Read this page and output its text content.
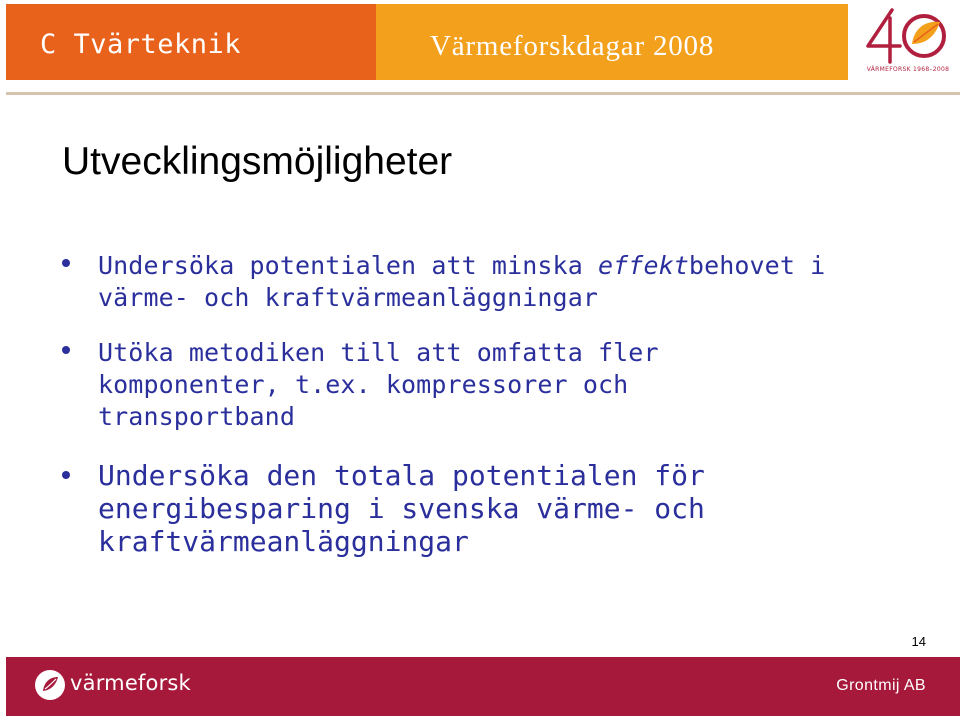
C Tvärteknik	Värmeforskdagar 2008
VÄRMEFORSK 1968–2008
Utvecklingsmöjligheter
Undersöka potentialen att minska effektbehovet i
värme- och kraftvärmeanläggningar
Utöka metodiken till att omfatta fler
komponenter, t.ex. kompressorer och
transportband
Undersöka den totala potentialen för
energibesparing i svenska värme- och
kraftvärmeanläggningar
14
värmeforsk	Grontmij AB
